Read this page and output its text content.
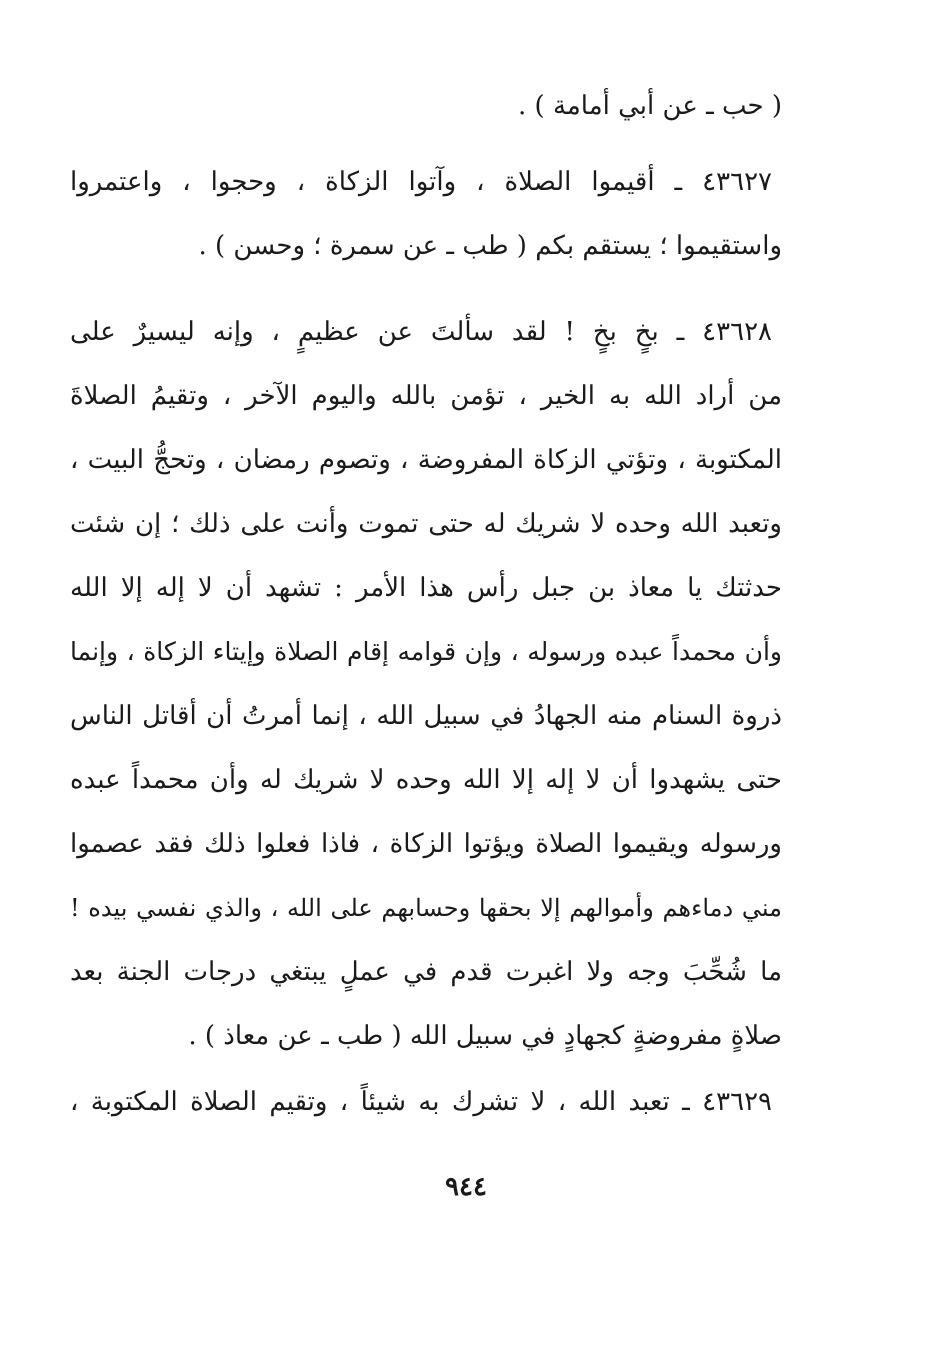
( حب ـ عن أبي أمامة ) .
٤٣٦٢٧ ـ أقيموا الصلاة ، وآتوا الزكاة ، وحجوا ، واعتمروا
واستقيموا ؛ يستقم بكم ( طب ـ عن سمرة ؛ وحسن ) .
٤٣٦٢٨ ـ بخٍ بخٍ ! لقد سألتَ عن عظيمٍ ، وإنه ليسيرٌ على
من أراد الله به الخير ، تؤمن بالله واليوم الآخر ، وتقيمُ الصلاةَ
المكتوبة ، وتؤتي الزكاة المفروضة ، وتصوم رمضان ، وتحجُّ البيت ،
وتعبد الله وحده لا شريك له حتى تموت وأنت على ذلك ؛ إن شئت
حدثتك يا معاذ بن جبل رأس هذا الأمر : تشهد أن لا إله إلا الله
وأن محمداً عبده ورسوله ، وإن قوامه إقام الصلاة وإيتاء الزكاة ، وإنما
ذروة السنام منه الجهادُ في سبيل الله ، إنما أمرتُ أن أقاتل الناس
حتى يشهدوا أن لا إله إلا الله وحده لا شريك له وأن محمداً عبده
ورسوله ويقيموا الصلاة ويؤتوا الزكاة ، فاذا فعلوا ذلك فقد عصموا
مني دماءهم وأموالهم إلا بحقها وحسابهم على الله ، والذي نفسي بيده !
ما شُحِّبَ وجه ولا اغبرت قدم في عملٍ يبتغي درجات الجنة بعد
صلاةٍ مفروضةٍ كجهادٍ في سبيل الله ( طب ـ عن معاذ ) .
٤٣٦٢٩ ـ تعبد الله ، لا تشرك به شيئاً ، وتقيم الصلاة المكتوبة ،
٩٤٤
